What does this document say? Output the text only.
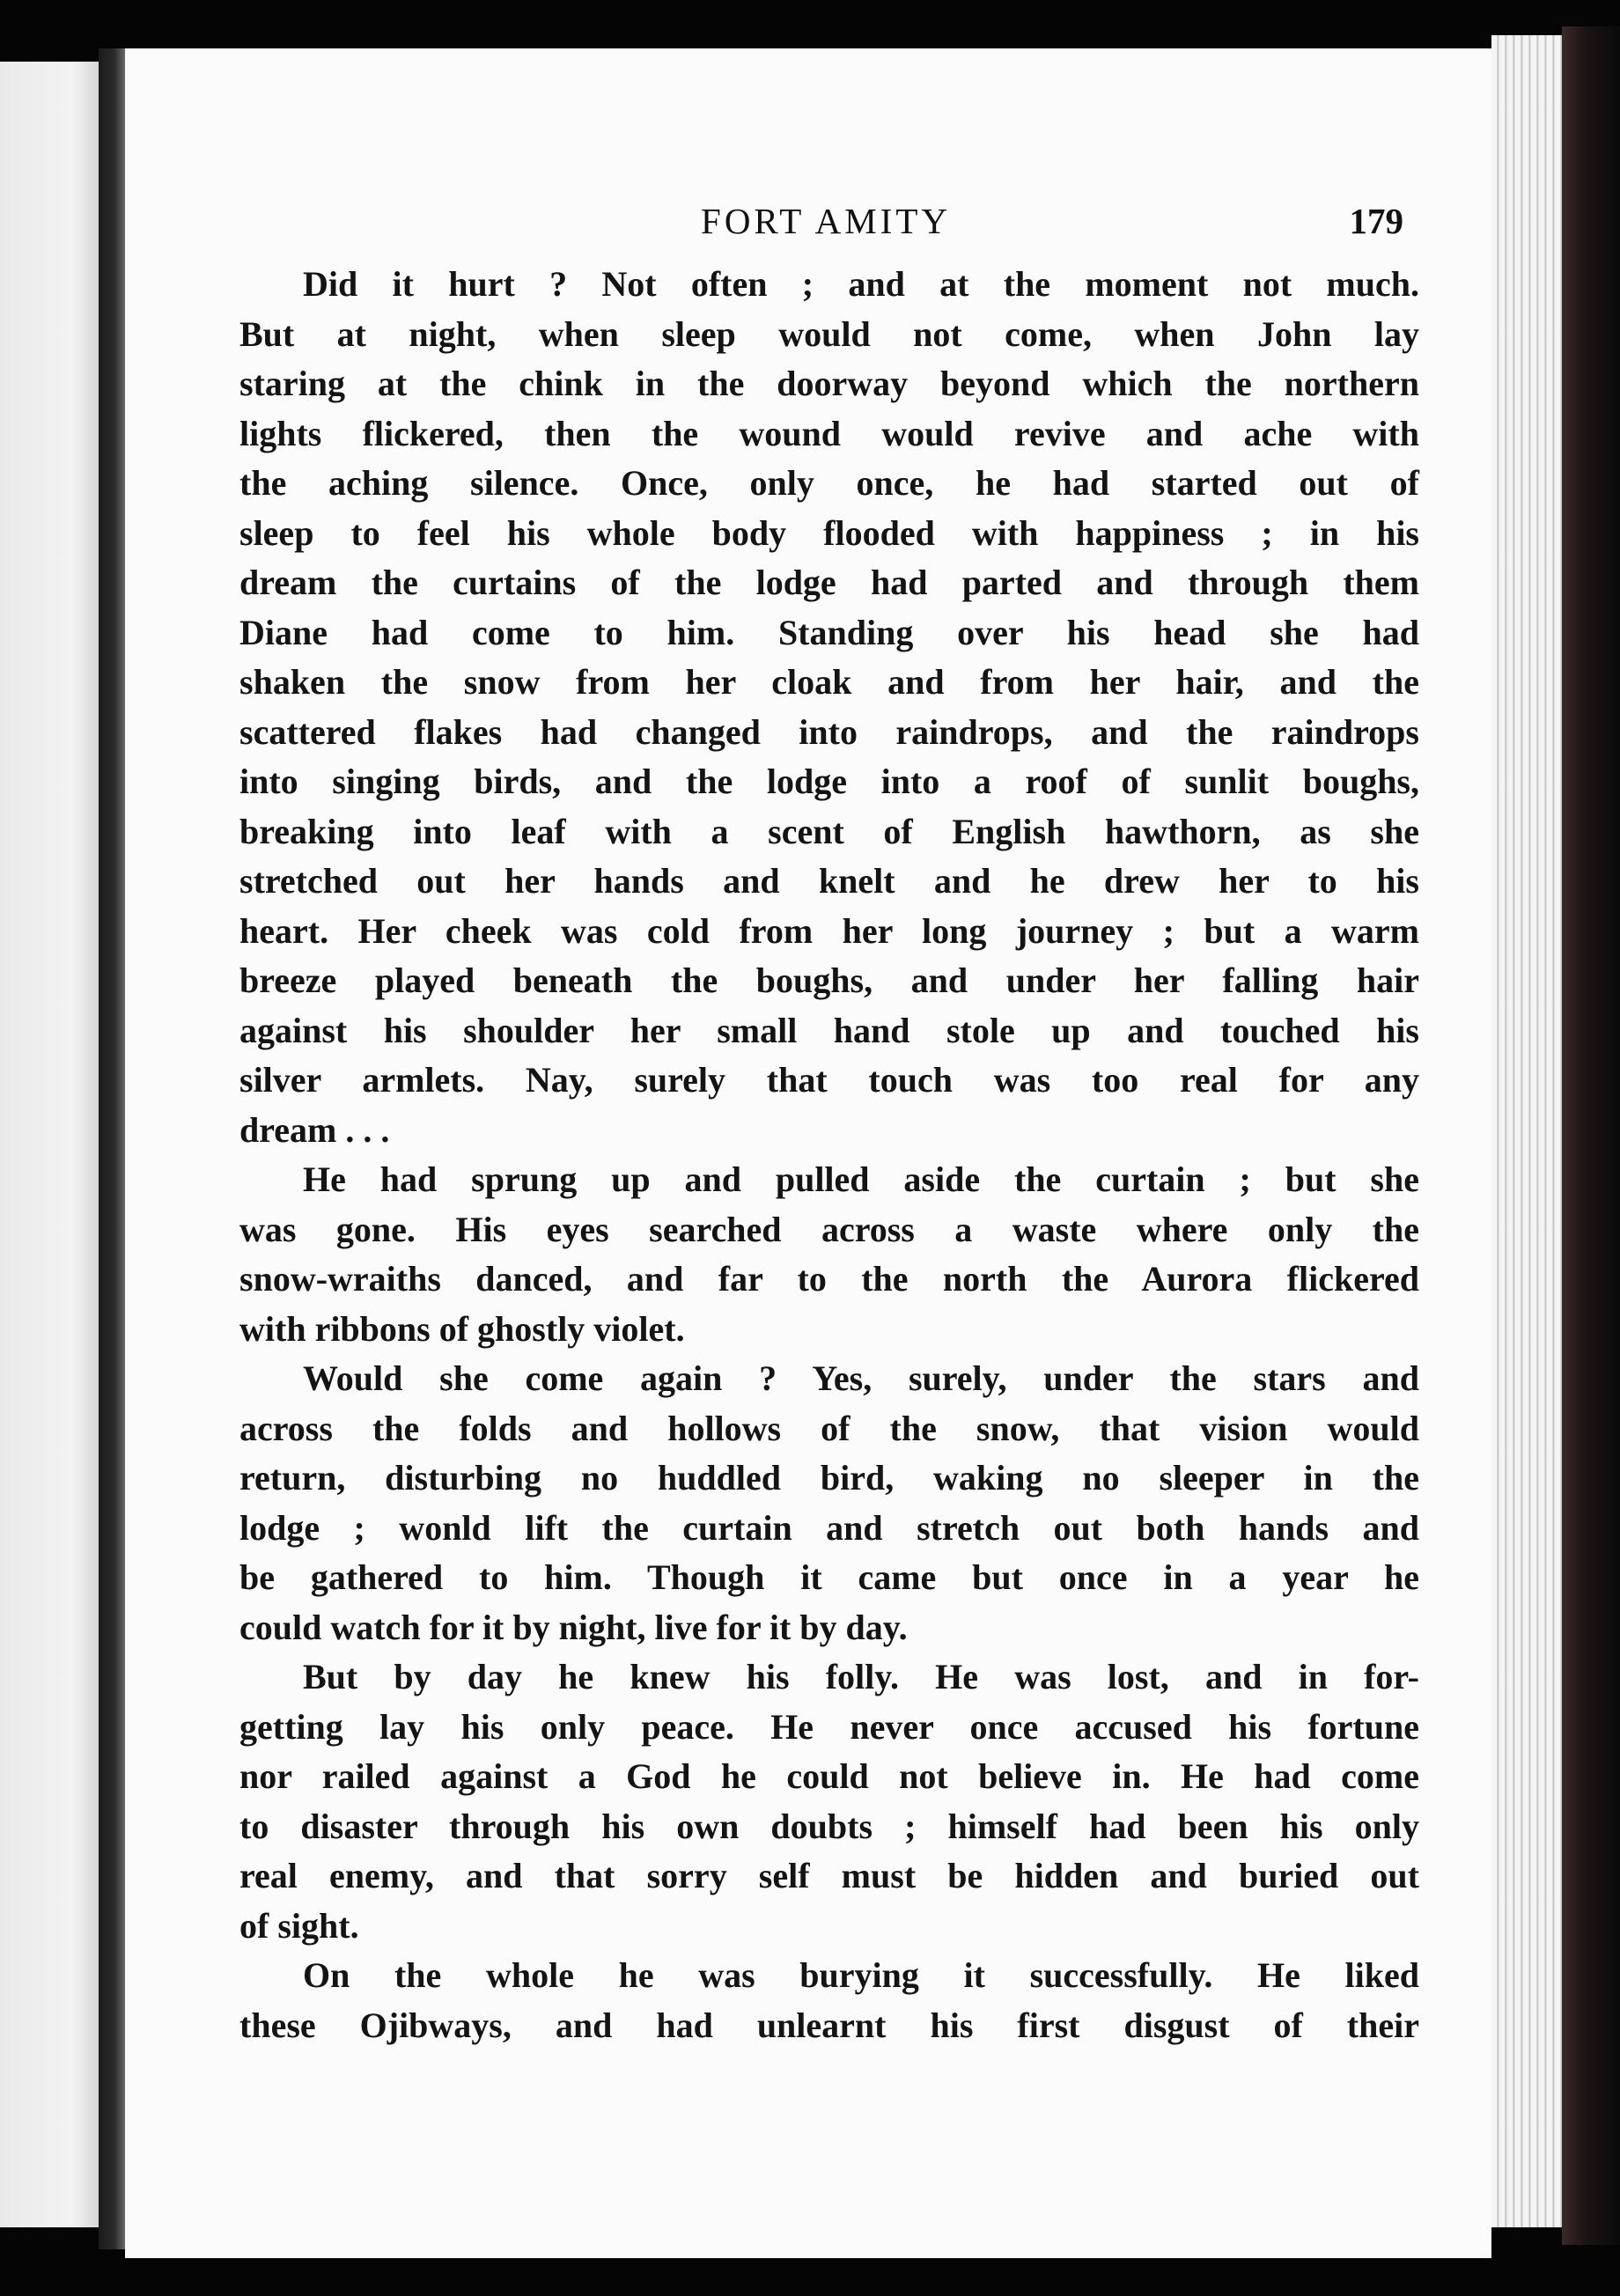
FORT AMITY	179
Did it hurt ? Not often ; and at the moment not much.
But at night, when sleep would not come, when John lay
staring at the chink in the doorway beyond which the northern
lights flickered, then the wound would revive and ache with
the aching silence. Once, only once, he had started out of
sleep to feel his whole body flooded with happiness ; in his
dream the curtains of the lodge had parted and through them
Diane had come to him. Standing over his head she had
shaken the snow from her cloak and from her hair, and the
scattered flakes had changed into raindrops, and the raindrops
into singing birds, and the lodge into a roof of sunlit boughs,
breaking into leaf with a scent of English hawthorn, as she
stretched out her hands and knelt and he drew her to his
heart. Her cheek was cold from her long journey ; but a warm
breeze played beneath the boughs, and under her falling hair
against his shoulder her small hand stole up and touched his
silver armlets. Nay, surely that touch was too real for any
dream . . .
He had sprung up and pulled aside the curtain ; but she
was gone. His eyes searched across a waste where only the
snow-wraiths danced, and far to the north the Aurora flickered
with ribbons of ghostly violet.
Would she come again ? Yes, surely, under the stars and
across the folds and hollows of the snow, that vision would
return, disturbing no huddled bird, waking no sleeper in the
lodge ; wonld lift the curtain and stretch out both hands and
be gathered to him. Though it came but once in a year he
could watch for it by night, live for it by day.
But by day he knew his folly. He was lost, and in for-
getting lay his only peace. He never once accused his fortune
nor railed against a God he could not believe in. He had come
to disaster through his own doubts ; himself had been his only
real enemy, and that sorry self must be hidden and buried out
of sight.
On the whole he was burying it successfully. He liked
these Ojibways, and had unlearnt his first disgust of their
